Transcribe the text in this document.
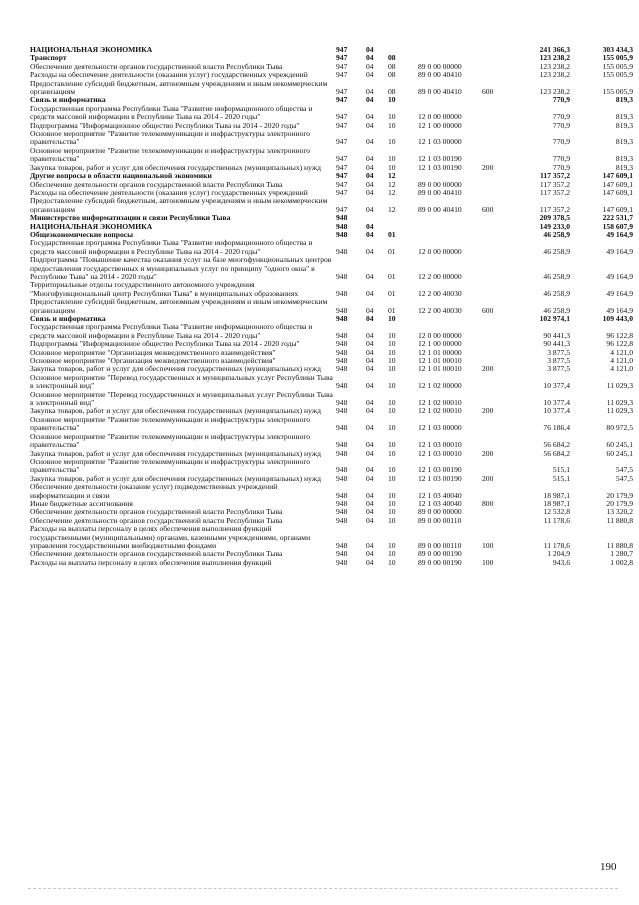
НАЦИОНАЛЬНАЯ ЭКОНОМИКА	947	04				241 366,3	303 434,3
Транспорт	947	04	08			123 238,2	155 005,9
Обеспечение деятельности органов государственной власти Республики Тыва	947	04	08	89 0 00 00000		123 238,2	155 005,9
Расходы на обеспечение деятельности (оказания услуг) государственных учреждений	947	04	08	89 0 00 40410		123 238,2	155 005,9
Предоставление субсидий бюджетным, автономным учреждениям и иным некоммерческим организациям	947	04	08	89 0 00 40410	600	123 238,2	155 005,9
Связь и информатика	947	04	10			770,9	819,3
Государственная программа Республики Тыва "Развитие информационного общества и средств массовой информации в Республике Тыва на 2014 - 2020 годы"	947	04	10	12 0 00 00000		770,9	819,3
Подпрограмма "Информационное общество Республики Тыва на 2014 - 2020 годы"	947	04	10	12 1 00 00000		770,9	819,3
Основное мероприятие "Развитие телекоммуникации и инфраструктуры электронного правительства"	947	04	10	12 1 03 00000		770,9	819,3
Основное мероприятие "Развитие телекоммуникации и инфраструктуры электронного правительства"	947	04	10	12 1 03 00190		770,9	819,3
Закупка товаров, работ и услуг для обеспечения государственных (муниципальных) нужд	947	04	10	12 1 03 00190	200	770,9	819,3
Другие вопросы в области национальной экономики	947	04	12			117 357,2	147 609,1
Обеспечение деятельности органов государственной власти Республики Тыва	947	04	12	89 0 00 00000		117 357,2	147 609,1
Расходы на обеспечение деятельности (оказания услуг) государственных учреждений	947	04	12	89 0 00 40410		117 357,2	147 609,1
Предоставление субсидий бюджетным, автономным учреждениям и иным некоммерческим организациям	947	04	12	89 0 00 40410	600	117 357,2	147 609,1
Министерство информатизации и связи Республики Тыва	948					209 378,5	222 531,7
НАЦИОНАЛЬНАЯ ЭКОНОМИКА	948	04				149 233,0	158 607,9
Общеэкономические вопросы	948	04	01			46 258,9	49 164,9
Государственная программа Республики Тыва "Развитие информационного общества и средств массовой информации в Республике Тыва на 2014 - 2020 годы"	948	04	01	12 0 00 00000		46 258,9	49 164,9
Подпрограмма "Повышение качества оказания услуг на базе многофункциональных центров предоставления государственных и муниципальных услуг по принципу "одного окна" в Республике Тыва" на 2014 - 2020 годы"	948	04	01	12 2 00 00000		46 258,9	49 164,9
Территориальные отделы государственного автономного учреждения "Многофункциональный центр Республики Тыва" в муниципальных образованиях	948	04	01	12 2 00 40030		46 258,9	49 164,9
Предоставление субсидий бюджетным, автономным учреждениям и иным некоммерческим организациям	948	04	01	12 2 00 40030	600	46 258,9	49 164,9
Связь и информатика	948	04	10			102 974,1	109 443,0
Государственная программа Республики Тыва "Развитие информационного общества и средств массовой информации в Республике Тыва на 2014 - 2020 годы"	948	04	10	12 0 00 00000		90 441,3	96 122,8
Подпрограмма "Информационное общество Республики Тыва на 2014 - 2020 годы"	948	04	10	12 1 00 00000		90 441,3	96 122,8
Основное мероприятие "Организация межведомственного взаимодействия"	948	04	10	12 1 01 00000		3 877,5	4 121,0
Основное мероприятие "Организация межведомственного взаимодействия"	948	04	10	12 1 01 00010		3 877,5	4 121,0
Закупка товаров, работ и услуг для обеспечения государственных (муниципальных) нужд	948	04	10	12 1 01 00010	200	3 877,5	4 121,0
Основное мероприятие "Перевод государственных и муниципальных услуг Республики Тыва в электронный вид"	948	04	10	12 1 02 00000		10 377,4	11 029,3
Основное мероприятие "Перевод государственных и муниципальных услуг Республики Тыва в электронный вид"	948	04	10	12 1 02 00010		10 377,4	11 029,3
Закупка товаров, работ и услуг для обеспечения государственных (муниципальных) нужд	948	04	10	12 1 02 00010	200	10 377,4	11 029,3
Основное мероприятие "Развитие телекоммуникации и инфраструктуры электронного правительства"	948	04	10	12 1 03 00000		76 186,4	80 972,5
Основное мероприятие "Развитие телекоммуникации и инфраструктуры электронного правительства"	948	04	10	12 1 03 00010		56 684,2	60 245,1
Закупка товаров, работ и услуг для обеспечения государственных (муниципальных) нужд	948	04	10	12 1 03 00010	200	56 684,2	60 245,1
Основное мероприятие "Развитие телекоммуникации и инфраструктуры электронного правительства"	948	04	10	12 1 03 00190		515,1	547,5
Закупка товаров, работ и услуг для обеспечения государственных (муниципальных) нужд	948	04	10	12 1 03 00190	200	515,1	547,5
Обеспечение деятельности (оказание услуг) подведомственных учреждений информатизации и связи	948	04	10	12 1 03 40040		18 987,1	20 179,9
Иные бюджетные ассигнования	948	04	10	12 1 03 40040	800	18 987,1	20 179,9
Обеспечение деятельности органов государственной власти Республики Тыва	948	04	10	89 0 00 00000		12 532,8	13 320,2
Обеспечение деятельности органов государственной власти Республики Тыва	948	04	10	89 0 00 00110		11 178,6	11 880,8
Расходы на выплаты персоналу в целях обеспечения выполнения функций государственными (муниципальными) органами, казенными учреждениями, органами управления государственными внебюджетными фондами	948	04	10	89 0 00 00110	100	11 178,6	11 880,8
Обеспечение деятельности органов государственной власти Республики Тыва	948	04	10	89 0 00 00190		1 204,9	1 280,7
Расходы на выплаты персоналу в целях обеспечения выполнения функций	948	04	10	89 0 00 00190	100	943,6	1 002,8
190
